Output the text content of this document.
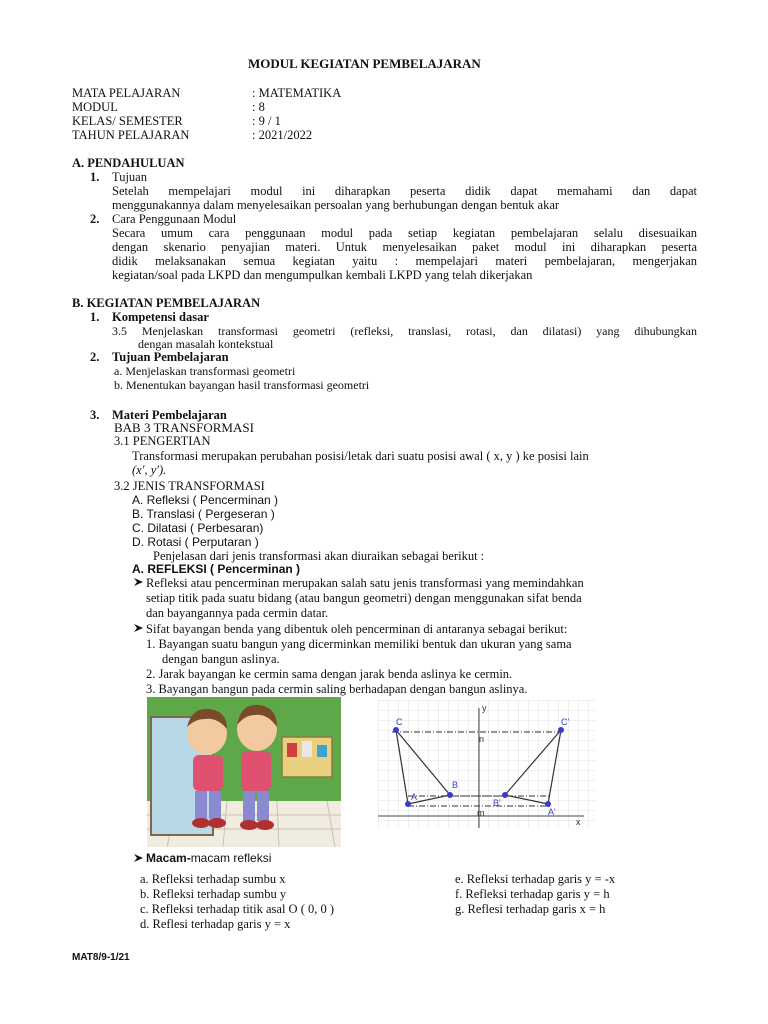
MODUL KEGIATAN PEMBELAJARAN
MATA PELAJARAN	: MATEMATIKA
MODUL	: 8
KELAS/ SEMESTER	: 9 / 1
TAHUN PELAJARAN	: 2021/2022
A. PENDAHULUAN
1. Tujuan
Setelah mempelajari modul ini diharapkan peserta didik dapat memahami dan dapat
menggunakannya dalam menyelesaikan persoalan yang berhubungan dengan bentuk akar
2. Cara Penggunaan Modul
Secara umum cara penggunaan modul pada setiap kegiatan pembelajaran selalu disesuaikan
dengan skenario penyajian materi. Untuk menyelesaikan paket modul ini diharapkan peserta
didik melaksanakan semua kegiatan yaitu : mempelajari materi pembelajaran, mengerjakan
kegiatan/soal pada LKPD dan mengumpulkan kembali LKPD yang telah dikerjakan
B. KEGIATAN PEMBELAJARAN
1. Kompetensi dasar
3.5 Menjelaskan transformasi geometri (refleksi, translasi, rotasi, dan dilatasi) yang dihubungkan
dengan masalah kontekstual
2. Tujuan Pembelajaran
a. Menjelaskan transformasi geometri
b. Menentukan bayangan hasil transformasi geometri
3. Materi Pembelajaran
BAB 3 TRANSFORMASI
3.1 PENGERTIAN
Transformasi merupakan perubahan posisi/letak dari suatu posisi awal ( x, y ) ke posisi lain
(x′, y′).
3.2 JENIS TRANSFORMASI
A. Refleksi ( Pencerminan )
B. Translasi ( Pergeseran )
C. Dilatasi ( Perbesaran)
D. Rotasi ( Perputaran )
Penjelasan dari jenis transformasi akan diuraikan sebagai berikut :
A. REFLEKSI ( Pencerminan )
Refleksi atau pencerminan merupakan salah satu jenis transformasi yang memindahkan
setiap titik pada suatu bidang (atau bangun geometri) dengan menggunakan sifat benda
dan bayangannya pada cermin datar.
Sifat bayangan benda yang dibentuk oleh pencerminan di antaranya sebagai berikut:
1. Bayangan suatu bangun yang dicerminkan memiliki bentuk dan ukuran yang sama
dengan bangun aslinya.
2. Jarak bayangan ke cermin sama dengan jarak benda aslinya ke cermin.
3. Bayangan bangun pada cermin saling berhadapan dengan bangun aslinya.
y
x
n
m
C	C'
B
B'
A
A'
Macam-macam refleksi
a. Refleksi terhadap sumbu x
b. Refleksi terhadap sumbu y
c. Refleksi terhadap titik asal O ( 0, 0 )
d. Reflesi terhadap garis y = x
e. Refleksi terhadap garis y = -x
f. Refleksi terhadap garis y = h
g. Reflesi terhadap garis x = h
MAT8/9-1/21
